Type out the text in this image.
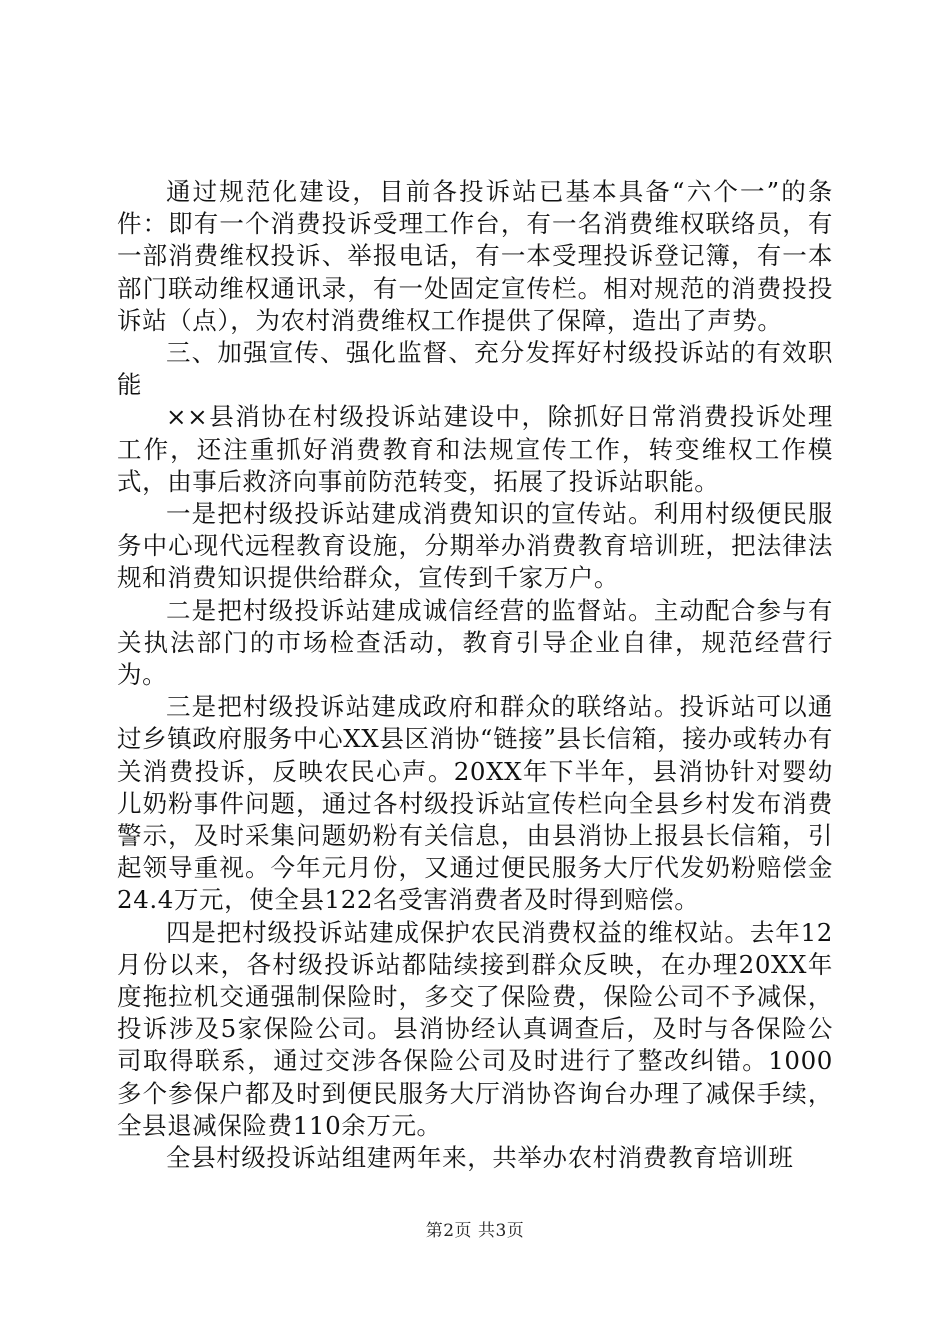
通过规范化建设，目前各投诉站已基本具备“六个一”的条件：即有一个消费投诉受理工作台，有一名消费维权联络员，有一部消费维权投诉、举报电话，有一本受理投诉登记簿，有一本部门联动维权通讯录，有一处固定宣传栏。相对规范的消费投投诉站（点），为农村消费维权工作提供了保障，造出了声势。

三、加强宣传、强化监督、充分发挥好村级投诉站的有效职能

××县消协在村级投诉站建设中，除抓好日常消费投诉处理工作，还注重抓好消费教育和法规宣传工作，转变维权工作模式，由事后救济向事前防范转变，拓展了投诉站职能。

一是把村级投诉站建成消费知识的宣传站。利用村级便民服务中心现代远程教育设施，分期举办消费教育培训班，把法律法规和消费知识提供给群众，宣传到千家万户。

二是把村级投诉站建成诚信经营的监督站。主动配合参与有关执法部门的市场检查活动，教育引导企业自律，规范经营行为。

三是把村级投诉站建成政府和群众的联络站。投诉站可以通过乡镇政府服务中心XX县区消协“链接”县长信箱，接办或转办有关消费投诉，反映农民心声。20XX年下半年，县消协针对婴幼儿奶粉事件问题，通过各村级投诉站宣传栏向全县乡村发布消费警示，及时采集问题奶粉有关信息，由县消协上报县长信箱，引起领导重视。今年元月份，又通过便民服务大厅代发奶粉赔偿金24.4万元，使全县122名受害消费者及时得到赔偿。

四是把村级投诉站建成保护农民消费权益的维权站。去年12月份以来，各村级投诉站都陆续接到群众反映，在办理20XX年度拖拉机交通强制保险时，多交了保险费，保险公司不予减保，投诉涉及5家保险公司。县消协经认真调查后，及时与各保险公司取得联系，通过交涉各保险公司及时进行了整改纠错。1000多个参保户都及时到便民服务大厅消协咨询台办理了减保手续，全县退减保险费110余万元。

全县村级投诉站组建两年来，共举办农村消费教育培训班

第2页 共3页
